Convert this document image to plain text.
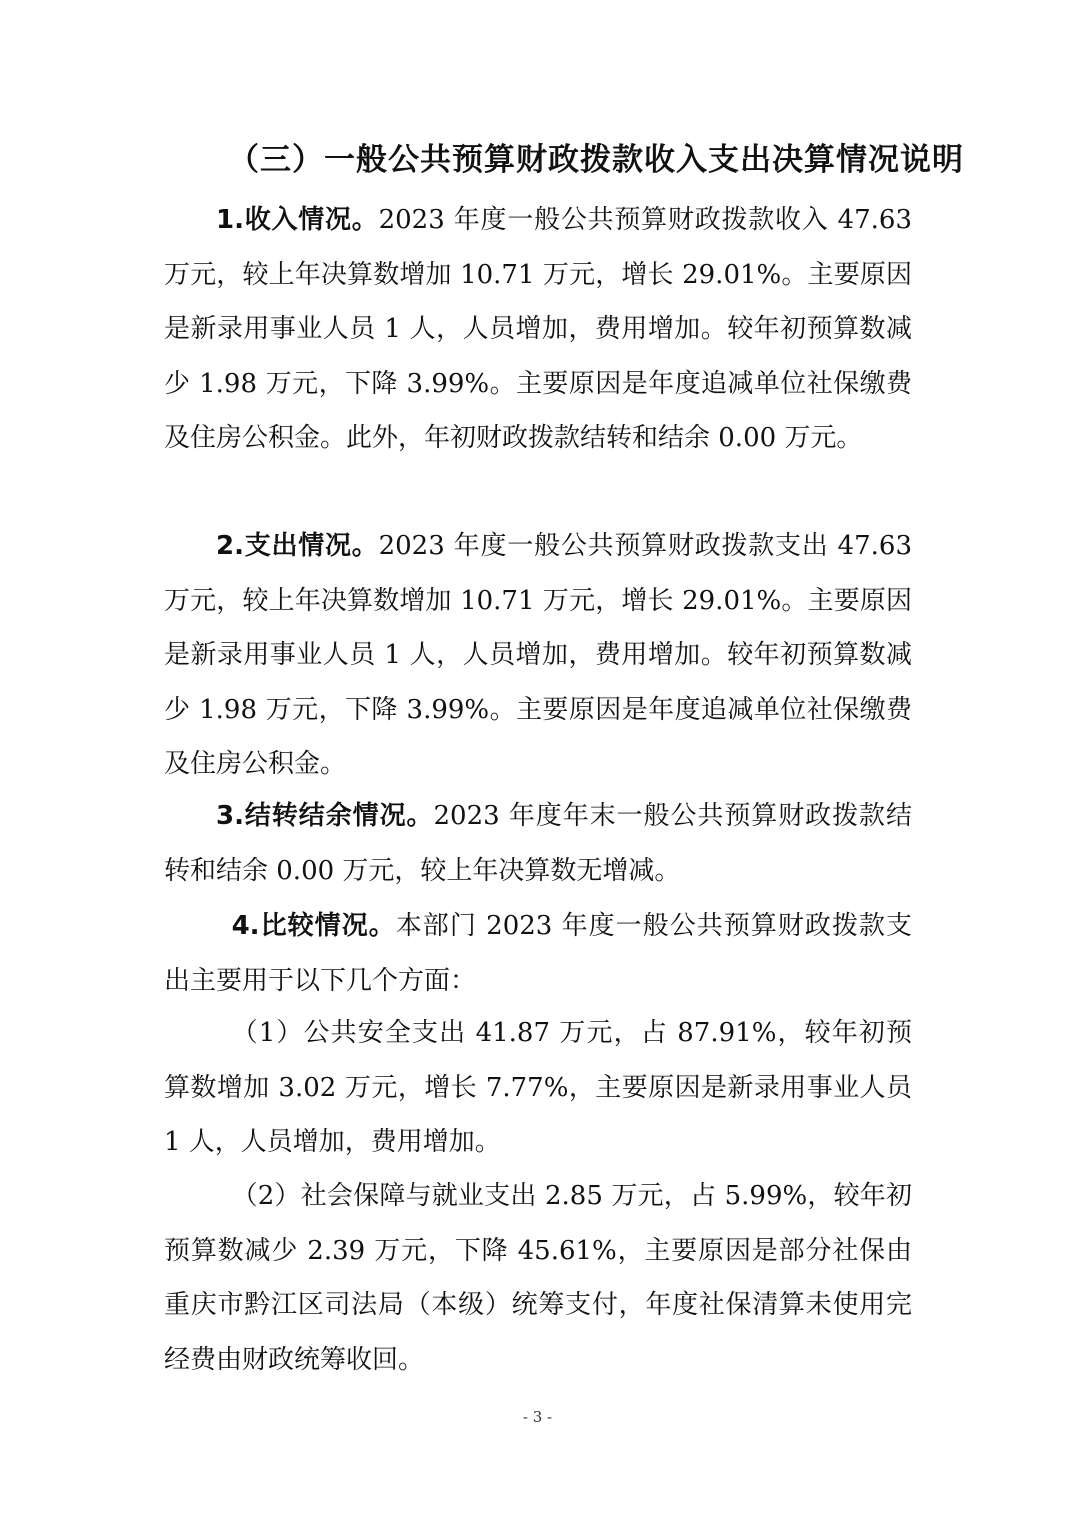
（三）一般公共预算财政拨款收入支出决算情况说明

1.收入情况。2023 年度一般公共预算财政拨款收入 47.63 万元，较上年决算数增加 10.71 万元，增长 29.01%。主要原因是新录用事业人员 1 人，人员增加，费用增加。较年初预算数减少 1.98 万元，下降 3.99%。主要原因是年度追减单位社保缴费及住房公积金。此外，年初财政拨款结转和结余 0.00 万元。

2.支出情况。2023 年度一般公共预算财政拨款支出 47.63 万元，较上年决算数增加 10.71 万元，增长 29.01%。主要原因是新录用事业人员 1 人，人员增加，费用增加。较年初预算数减少 1.98 万元，下降 3.99%。主要原因是年度追减单位社保缴费及住房公积金。

3.结转结余情况。2023 年度年末一般公共预算财政拨款结转和结余 0.00 万元，较上年决算数无增减。

4.比较情况。本部门 2023 年度一般公共预算财政拨款支出主要用于以下几个方面：

（1）公共安全支出 41.87 万元，占 87.91%，较年初预算数增加 3.02 万元，增长 7.77%，主要原因是新录用事业人员 1 人，人员增加，费用增加。

（2）社会保障与就业支出 2.85 万元，占 5.99%，较年初预算数减少 2.39 万元，下降 45.61%，主要原因是部分社保由重庆市黔江区司法局（本级）统筹支付，年度社保清算未使用完经费由财政统筹收回。

- 3 -
